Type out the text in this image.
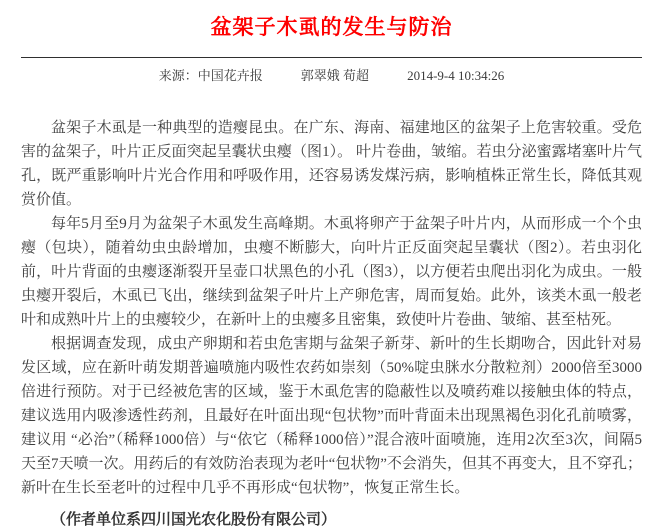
盆架子木虱的发生与防治
来源：中国花卉报	郭翠娥 荀超	2014-9-4 10:34:26

盆架子木虱是一种典型的造瘿昆虫。在广东、海南、福建地区的盆架子上危害较重。受危害的盆架子，叶片正反面突起呈囊状虫瘿（图1）。 叶片卷曲，皱缩。若虫分泌蜜露堵塞叶片气孔，既严重影响叶片光合作用和呼吸作用，还容易诱发煤污病，影响植株正常生长，降低其观赏价值。

每年5月至9月为盆架子木虱发生高峰期。木虱将卵产于盆架子叶片内，从而形成一个个虫瘿（包块），随着幼虫虫龄增加，虫瘿不断膨大，向叶片正反面突起呈囊状（图2）。若虫羽化前，叶片背面的虫瘿逐渐裂开呈壶口状黑色的小孔（图3），以方便若虫爬出羽化为成虫。一般虫瘿开裂后，木虱已飞出，继续到盆架子叶片上产卵危害，周而复始。此外，该类木虱一般老叶和成熟叶片上的虫瘿较少，在新叶上的虫瘿多且密集，致使叶片卷曲、皱缩、甚至枯死。

根据调查发现，成虫产卵期和若虫危害期与盆架子新芽、新叶的生长期吻合，因此针对易发区域，应在新叶萌发期普遍喷施内吸性农药如崇刻（50%啶虫脒水分散粒剂）2000倍至3000倍进行预防。对于已经被危害的区域，鉴于木虱危害的隐蔽性以及喷药难以接触虫体的特点，建议选用内吸渗透性药剂，且最好在叶面出现“包状物”而叶背面未出现黑褐色羽化孔前喷雾，建议用 “必治”（稀释1000倍）与“依它（稀释1000倍）”混合液叶面喷施，连用2次至3次，间隔5天至7天喷一次。用药后的有效防治表现为老叶“包状物”不会消失，但其不再变大，且不穿孔；新叶在生长至老叶的过程中几乎不再形成“包状物”，恢复正常生长。

（作者单位系四川国光农化股份有限公司）
